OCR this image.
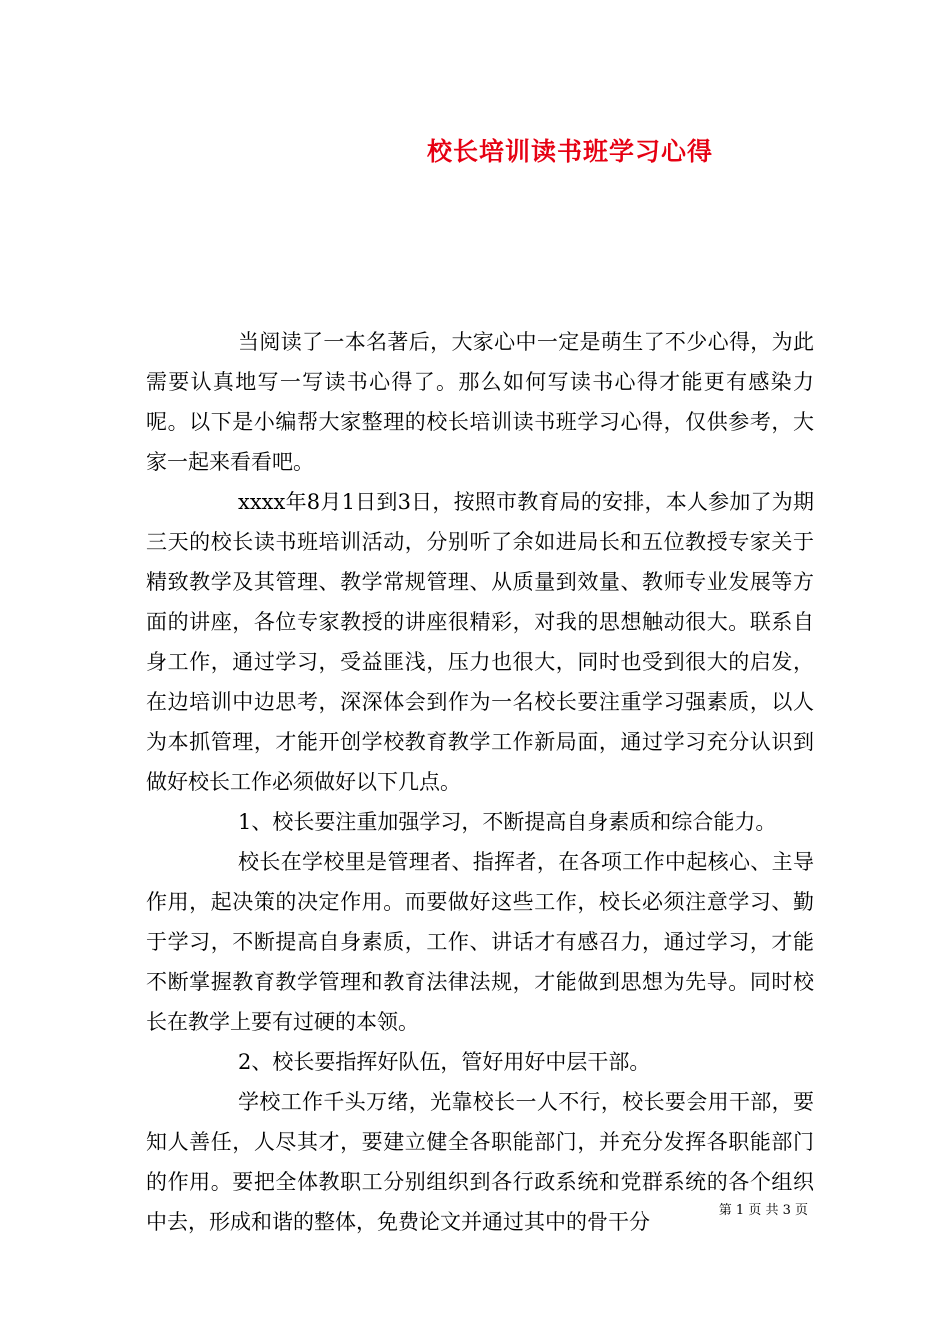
校长培训读书班学习心得

当阅读了一本名著后，大家心中一定是萌生了不少心得，为此需要认真地写一写读书心得了。那么如何写读书心得才能更有感染力呢。以下是小编帮大家整理的校长培训读书班学习心得，仅供参考，大家一起来看看吧。

xxxx年8月1日到3日，按照市教育局的安排，本人参加了为期三天的校长读书班培训活动，分别听了余如进局长和五位教授专家关于精致教学及其管理、教学常规管理、从质量到效量、教师专业发展等方面的讲座，各位专家教授的讲座很精彩，对我的思想触动很大。联系自身工作，通过学习，受益匪浅，压力也很大，同时也受到很大的启发，在边培训中边思考，深深体会到作为一名校长要注重学习强素质，以人为本抓管理，才能开创学校教育教学工作新局面，通过学习充分认识到做好校长工作必须做好以下几点。

1、校长要注重加强学习，不断提高自身素质和综合能力。

校长在学校里是管理者、指挥者，在各项工作中起核心、主导作用，起决策的决定作用。而要做好这些工作，校长必须注意学习、勤于学习，不断提高自身素质，工作、讲话才有感召力，通过学习，才能不断掌握教育教学管理和教育法律法规，才能做到思想为先导。同时校长在教学上要有过硬的本领。

2、校长要指挥好队伍，管好用好中层干部。

学校工作千头万绪，光靠校长一人不行，校长要会用干部，要知人善任，人尽其才，要建立健全各职能部门，并充分发挥各职能部门的作用。要把全体教职工分别组织到各行政系统和党群系统的各个组织中去，形成和谐的整体，免费论文并通过其中的骨干分	第 1 页 共 3 页
